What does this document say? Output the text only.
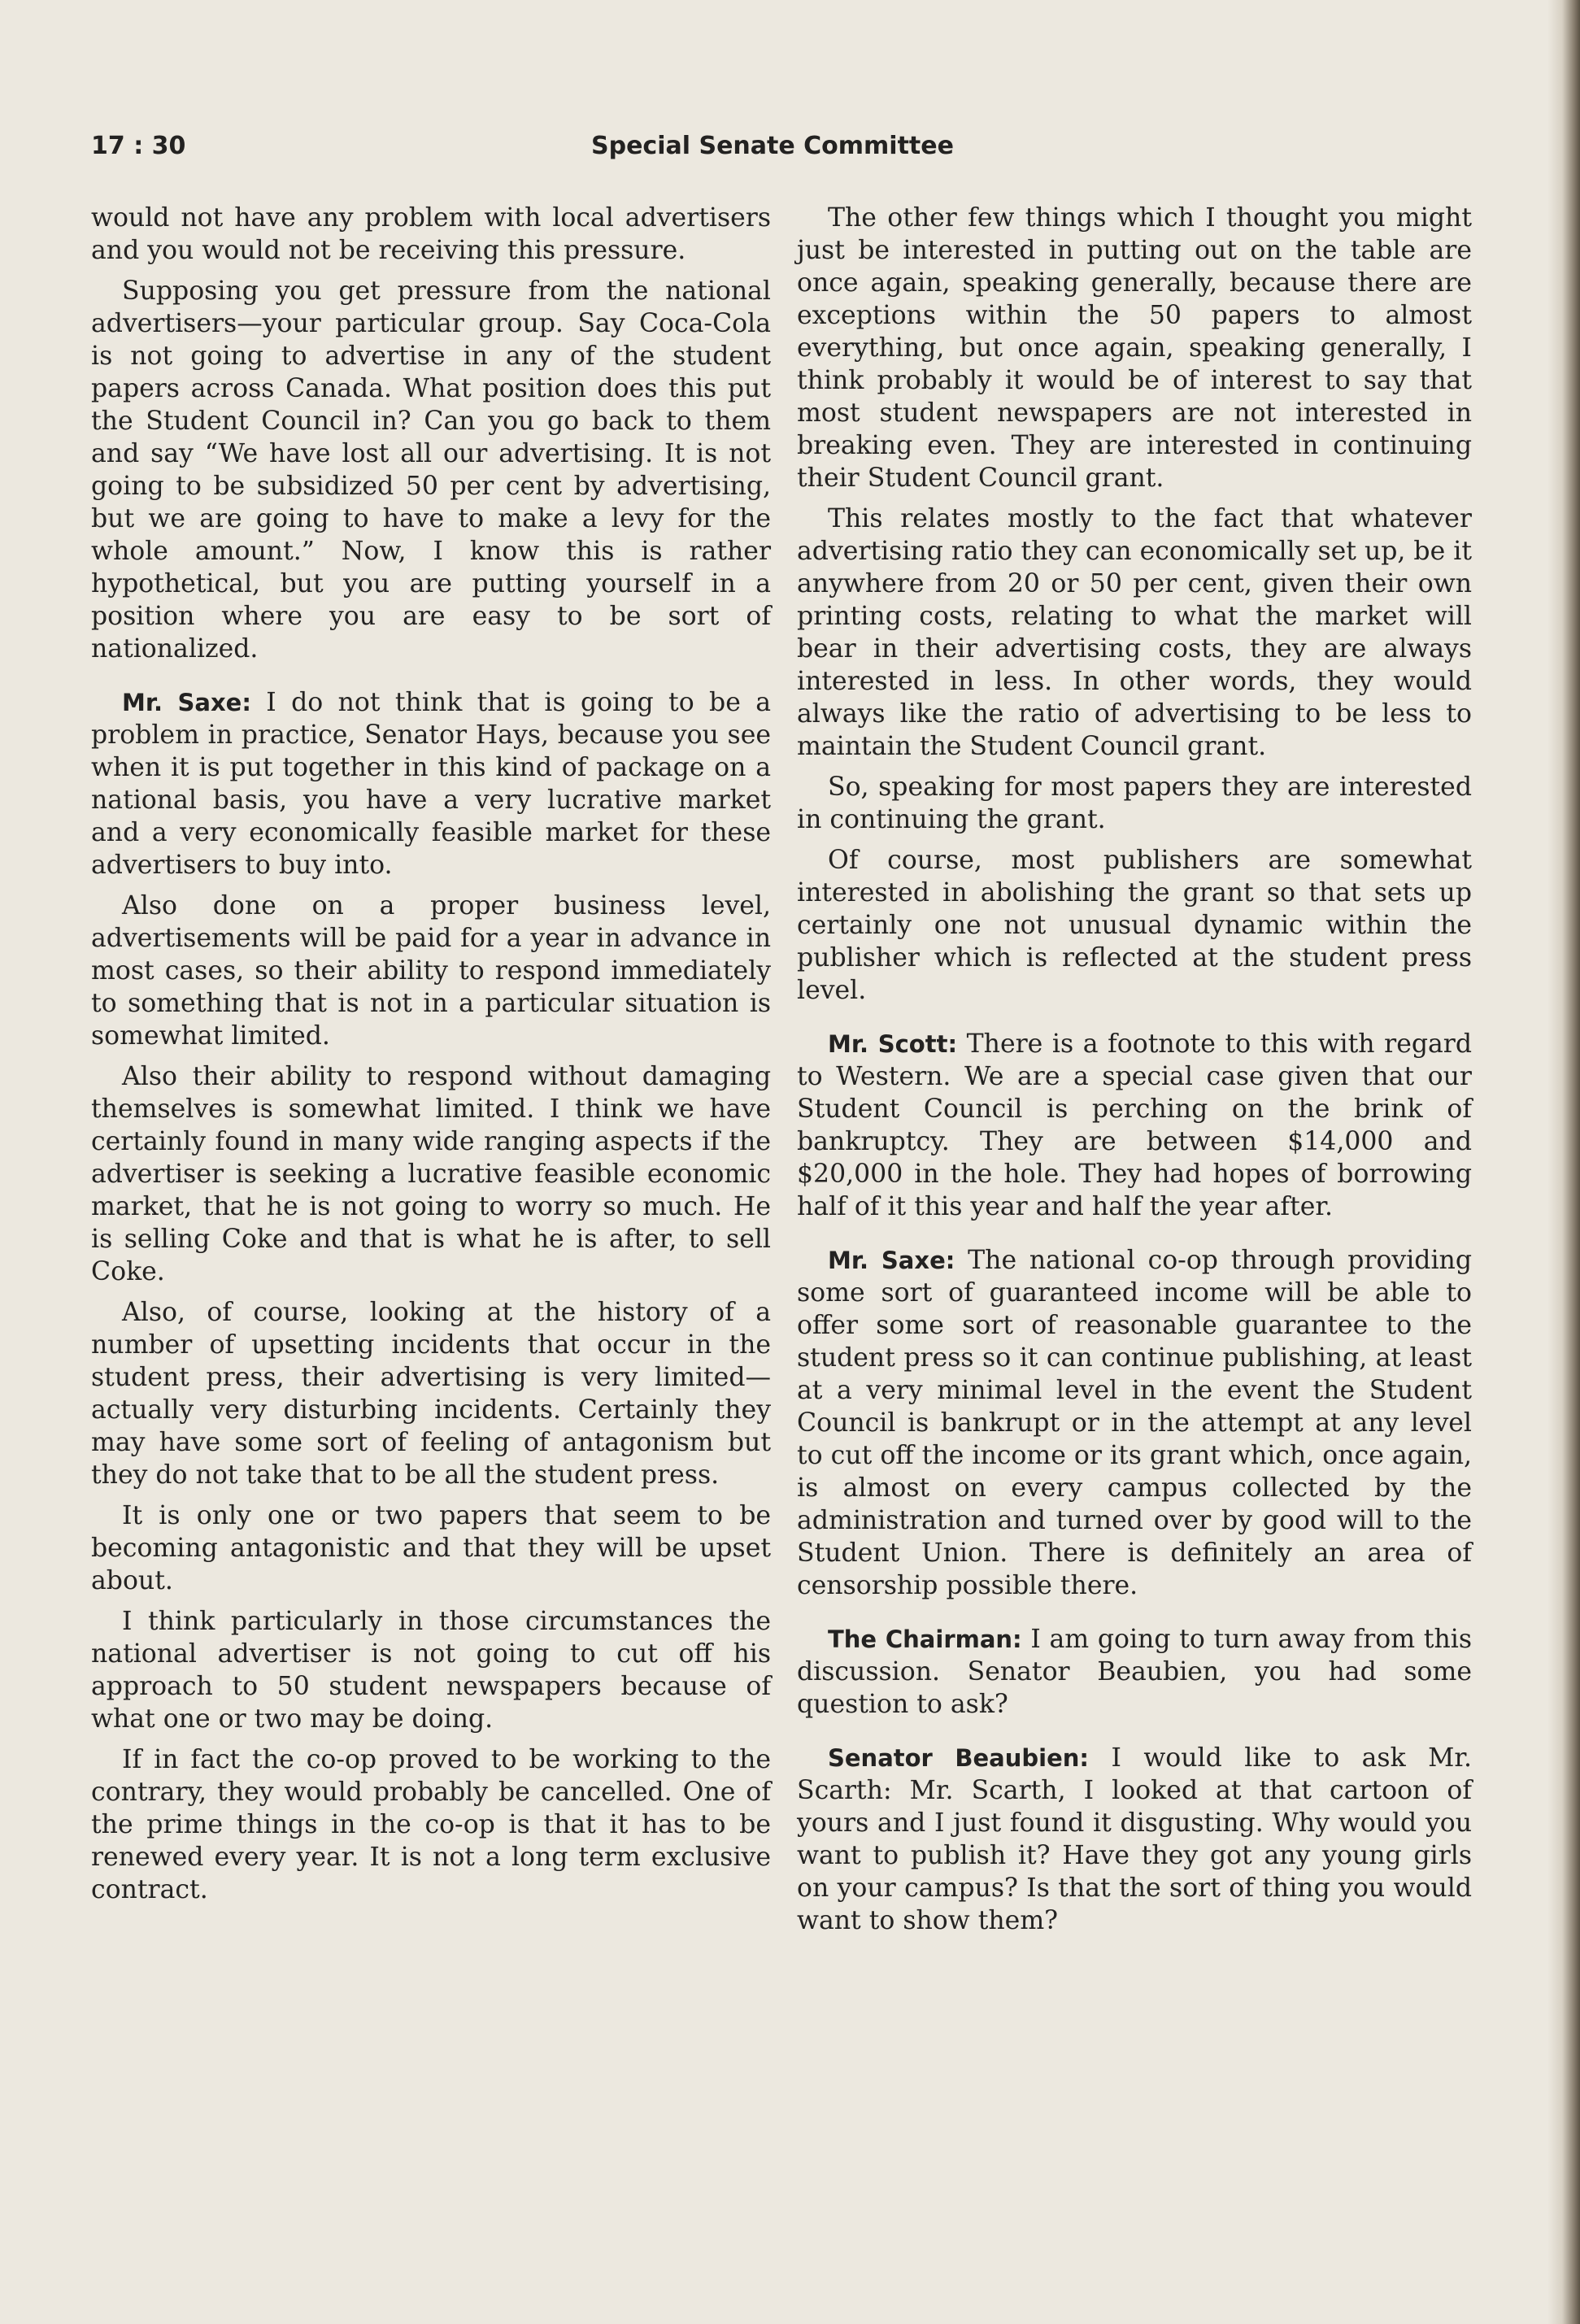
17 : 30	Special Senate Committee

would not have any problem with local advertisers and you would not be receiving this pressure.

Supposing you get pressure from the national advertisers—your particular group. Say Coca-Cola is not going to advertise in any of the student papers across Canada. What position does this put the Student Council in? Can you go back to them and say “We have lost all our advertising. It is not going to be subsidized 50 per cent by advertising, but we are going to have to make a levy for the whole amount.” Now, I know this is rather hypothetical, but you are putting yourself in a position where you are easy to be sort of nationalized.

Mr. Saxe: I do not think that is going to be a problem in practice, Senator Hays, because you see when it is put together in this kind of package on a national basis, you have a very lucrative market and a very economically feasible market for these advertisers to buy into.

Also done on a proper business level, advertisements will be paid for a year in advance in most cases, so their ability to respond immediately to something that is not in a particular situation is somewhat limited.

Also their ability to respond without damaging themselves is somewhat limited. I think we have certainly found in many wide ranging aspects if the advertiser is seeking a lucrative feasible economic market, that he is not going to worry so much. He is selling Coke and that is what he is after, to sell Coke.

Also, of course, looking at the history of a number of upsetting incidents that occur in the student press, their advertising is very limited—actually very disturbing incidents. Certainly they may have some sort of feeling of antagonism but they do not take that to be all the student press.

It is only one or two papers that seem to be becoming antagonistic and that they will be upset about.

I think particularly in those circumstances the national advertiser is not going to cut off his approach to 50 student newspapers because of what one or two may be doing.

If in fact the co-op proved to be working to the contrary, they would probably be cancelled. One of the prime things in the co-op is that it has to be renewed every year. It is not a long term exclusive contract.

The other few things which I thought you might just be interested in putting out on the table are once again, speaking generally, because there are exceptions within the 50 papers to almost everything, but once again, speaking generally, I think probably it would be of interest to say that most student newspapers are not interested in breaking even. They are interested in continuing their Student Council grant.

This relates mostly to the fact that whatever advertising ratio they can economically set up, be it anywhere from 20 or 50 per cent, given their own printing costs, relating to what the market will bear in their advertising costs, they are always interested in less. In other words, they would always like the ratio of advertising to be less to maintain the Student Council grant.

So, speaking for most papers they are interested in continuing the grant.

Of course, most publishers are somewhat interested in abolishing the grant so that sets up certainly one not unusual dynamic within the publisher which is reflected at the student press level.

Mr. Scott: There is a footnote to this with regard to Western. We are a special case given that our Student Council is perching on the brink of bankruptcy. They are between $14,000 and $20,000 in the hole. They had hopes of borrowing half of it this year and half the year after.

Mr. Saxe: The national co-op through providing some sort of guaranteed income will be able to offer some sort of reasonable guarantee to the student press so it can continue publishing, at least at a very minimal level in the event the Student Council is bankrupt or in the attempt at any level to cut off the income or its grant which, once again, is almost on every campus collected by the administration and turned over by good will to the Student Union. There is definitely an area of censorship possible there.

The Chairman: I am going to turn away from this discussion. Senator Beaubien, you had some question to ask?

Senator Beaubien: I would like to ask Mr. Scarth: Mr. Scarth, I looked at that cartoon of yours and I just found it disgusting. Why would you want to publish it? Have they got any young girls on your campus? Is that the sort of thing you would want to show them?
